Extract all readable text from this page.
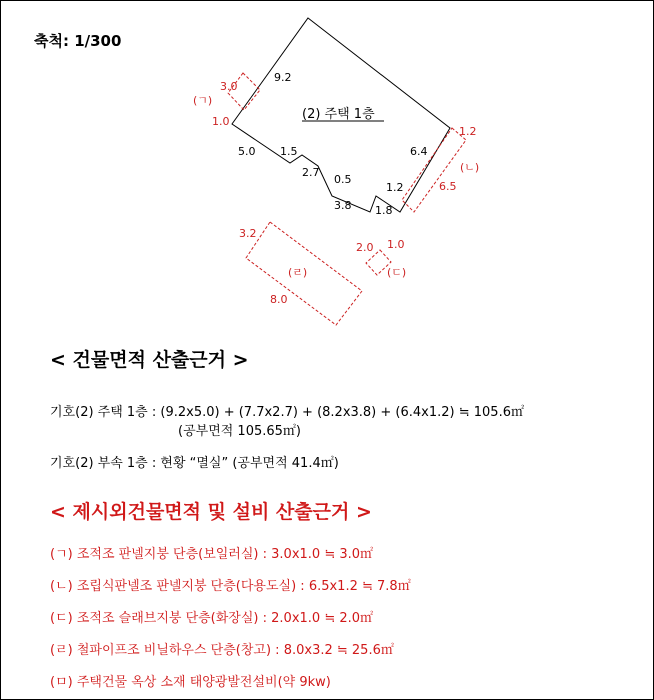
축척: 1/300
(2) 주택 1층
9.2
1.0
5.0 1.5
2.7
0.5
3.8
1.2
1.8
6.4
(ㄱ)
3.0
1.2
(ㄴ)
6.5
2.0 1.0
(ㄷ)
3.2
(ㄹ)
8.0
< 건물면적 산출근거 >
기호(2) 주택 1층 : (9.2x5.0) + (7.7x2.7) + (8.2x3.8) + (6.4x1.2) ≒ 105.6㎡
(공부면적 105.65㎡)
기호(2) 부속 1층 : 현황 “멸실” (공부면적 41.4㎡)
< 제시외건물면적 및 설비 산출근거 >
(ㄱ) 조적조 판넬지붕 단층(보일러실) : 3.0x1.0 ≒ 3.0㎡
(ㄴ) 조립식판넬조 판넬지붕 단층(다용도실) : 6.5x1.2 ≒ 7.8㎡
(ㄷ) 조적조 슬래브지붕 단층(화장실) : 2.0x1.0 ≒ 2.0㎡
(ㄹ) 철파이프조 비닐하우스 단층(창고) : 8.0x3.2 ≒ 25.6㎡
(ㅁ) 주택건물 옥상 소재 태양광발전설비(약 9kw)
